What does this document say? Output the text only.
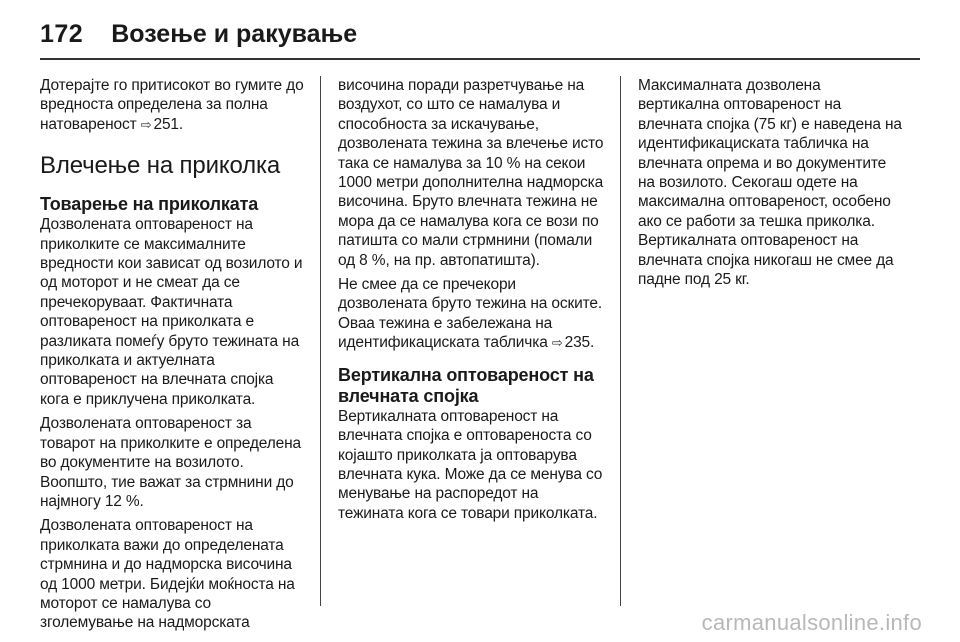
172 Возење и ракување

Дотерајте го притисокот во гумите до вредноста определена за полна натовареност ⇨ 251.

Влечење на приколка
Товарење на приколката

Дозволената оптовареност на приколките се максималните вредности кои зависат од возилото и од моторот и не смеат да се пречекоруваат. Фактичната оптовареност на приколката е разликата помеѓу бруто тежината на приколката и актуелната оптовареност на влечната спојка кога е приклучена приколката.

Дозволената оптовареност за товарот на приколките е определена во документите на возилото. Воопшто, тие важат за стрмнини до најмногу 12 %.

Дозволената оптовареност на приколката важи до определената стрмнина и до надморска височина од 1000 метри. Бидејќи моќноста на моторот се намалува со зголемување на надморската

височина поради разретчување на воздухот, со што се намалува и способноста за искачување, дозволената тежина за влечење исто така се намалува за 10 % на секои 1000 метри дополнителна надморска височина. Бруто влечната тежина не мора да се намалува кога се вози по патишта со мали стрмнини (помали од 8 %, на пр. автопатишта).

Не смее да се пречекори дозволената бруто тежина на оските. Оваа тежина е забележана на идентификациската табличка ⇨ 235.

Вертикална оптовареност на влечната спојка

Вертикалната оптовареност на влечната спојка е оптовареноста со којашто приколката ја оптоварува влечната кука. Може да се менува со менување на распоредот на тежината кога се товари приколката.

Максималната дозволена вертикална оптовареност на влечната спојка (75 кг) е наведена на идентификациската табличка на влечната опрема и во документите на возилото. Секогаш одете на максимална оптовареност, особено ако се работи за тешка приколка. Вертикалната оптовареност на влечната спојка никогаш не смее да падне под 25 кг.

carmanualsonline.info
